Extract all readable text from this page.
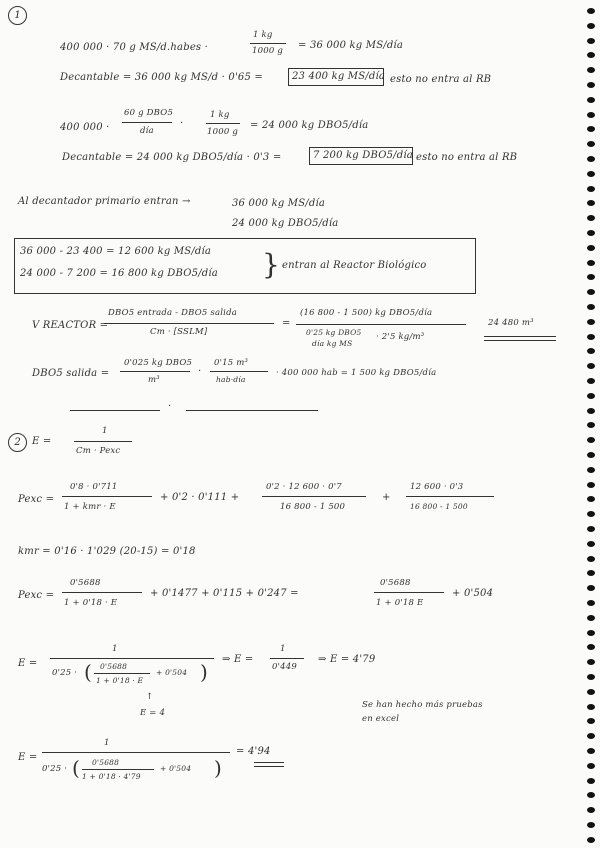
1
400 000 · 70 g MS/d.habes ·
1 kg
1000 g = 36 000 kg MS/día
Decantable = 36 000 kg MS/d · 0'65 =	23 400 kg MS/día esto no entra al RB
400 000 ·
60 g DBO5
día
·
1 kg
1000 g
= 24 000 kg DBO5/día
Decantable = 24 000 kg DBO5/día · 0'3 =	7 200 kg DBO5/día esto no entra al RB
Al decantador primario entran →	36 000 kg MS/día
24 000 kg DBO5/día
36 000 - 23 400 = 12 600 kg MS/día
24 000 - 7 200 = 16 800 kg DBO5/día } entran al Reactor Biológico
V REACTOR =
DBO5 entrada - DBO5 salida
Cm · [SSLM]
=
(16 800 - 1 500) kg DBO5/día
0'25 kg DBO5
día kg MS
· 2'5 kg/m³
24 480 m³
DBO5 salida =
0'025 kg DBO5
m³
·
0'15 m³
hab·día
· 400 000 hab = 1 500 kg DBO5/día
·
2	E =
1
Cm · Pexc
Pexc =
0'8 · 0'711
1 + kmr · E
+ 0'2 · 0'111 +
0'2 · 12 600 · 0'7
16 800 - 1 500
+
12 600 · 0'3
16 800 - 1 500
kmr = 0'16 · 1'029 (20-15) = 0'18
Pexc =
0'5688
1 + 0'18 · E
+ 0'1477 + 0'115 + 0'247 =
0'5688
1 + 0'18 E
+ 0'504
E =
1
0'25 · ( 0'5688
1 + 0'18 · E
+ 0'504 )
⇒ E =
1
0'449
⇒ E = 4'79
↑
E = 4
Se han hecho más pruebas
en excel
E =
1
0'25 · ( 0'5688
1 + 0'18 · 4'79
+ 0'504 )
= 4'94
